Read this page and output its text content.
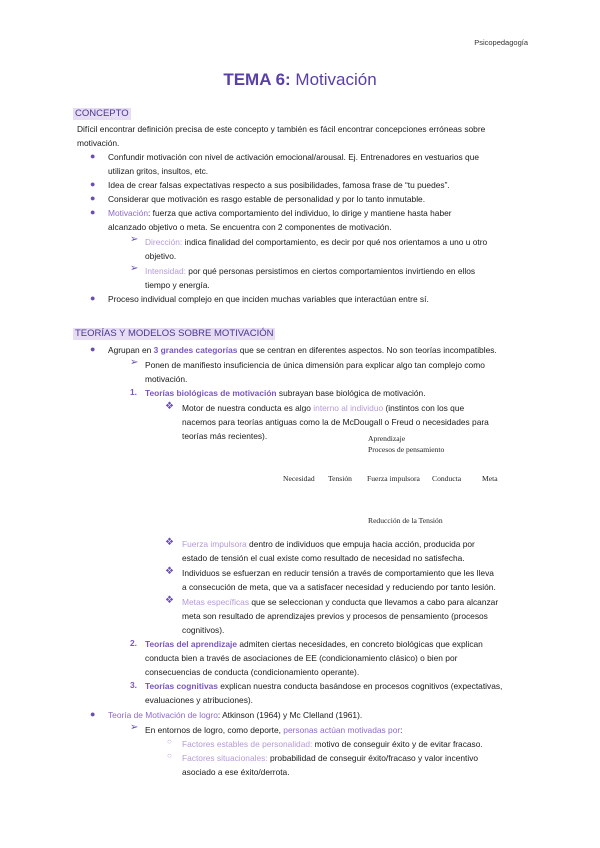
Psicopedagogía
TEMA 6: Motivación
CONCEPTO
Difícil encontrar definición precisa de este concepto y también es fácil encontrar concepciones erróneas sobre
motivación.
● Confundir motivación con nivel de activación emocional/arousal. Ej. Entrenadores en vestuarios que
utilizan gritos, insultos, etc.
● Idea de crear falsas expectativas respecto a sus posibilidades, famosa frase de “tu puedes”.
● Considerar que motivación es rasgo estable de personalidad y por lo tanto inmutable.
● Motivación: fuerza que activa comportamiento del individuo, lo dirige y mantiene hasta haber
alcanzado objetivo o meta. Se encuentra con 2 componentes de motivación.
➢ Dirección: indica finalidad del comportamiento, es decir por qué nos orientamos a uno u otro
objetivo.
➢ Intensidad: por qué personas persistimos en ciertos comportamientos invirtiendo en ellos
tiempo y energía.
● Proceso individual complejo en que inciden muchas variables que interactúan entre sí.
TEORÍAS Y MODELOS SOBRE MOTIVACIÓN
● Agrupan en 3 grandes categorías que se centran en diferentes aspectos. No son teorías incompatibles.
➢ Ponen de manifiesto insuficiencia de única dimensión para explicar algo tan complejo como
motivación.
1. Teorías biológicas de motivación subrayan base biológica de motivación.
❖ Motor de nuestra conducta es algo interno al individuo (instintos con los que
nacemos para teorías antiguas como la de McDougall o Freud o necesidades para
teorías más recientes).	Aprendizaje
Procesos de pensamiento
Necesidad Tensión Fuerza impulsora Conducta	Meta
Reducción de la Tensión
❖ Fuerza impulsora dentro de individuos que empuja hacia acción, producida por
estado de tensión el cual existe como resultado de necesidad no satisfecha.
❖ Individuos se esfuerzan en reducir tensión a través de comportamiento que les lleva
a consecución de meta, que va a satisfacer necesidad y reduciendo por tanto lesión.
❖ Metas específicas que se seleccionan y conducta que llevamos a cabo para alcanzar
meta son resultado de aprendizajes previos y procesos de pensamiento (procesos
cognitivos).
2. Teorías del aprendizaje admiten ciertas necesidades, en concreto biológicas que explican
conducta bien a través de asociaciones de EE (condicionamiento clásico) o bien por
consecuencias de conducta (condicionamiento operante).
3. Teorías cognitivas explican nuestra conducta basándose en procesos cognitivos (expectativas,
evaluaciones y atribuciones).
● Teoría de Motivación de logro: Atkinson (1964) y Mc Clelland (1961).
➢ En entornos de logro, como deporte, personas actúan motivadas por:
○ Factores estables de personalidad: motivo de conseguir éxito y de evitar fracaso.
○ Factores situacionales: probabilidad de conseguir éxito/fracaso y valor incentivo
asociado a ese éxito/derrota.
